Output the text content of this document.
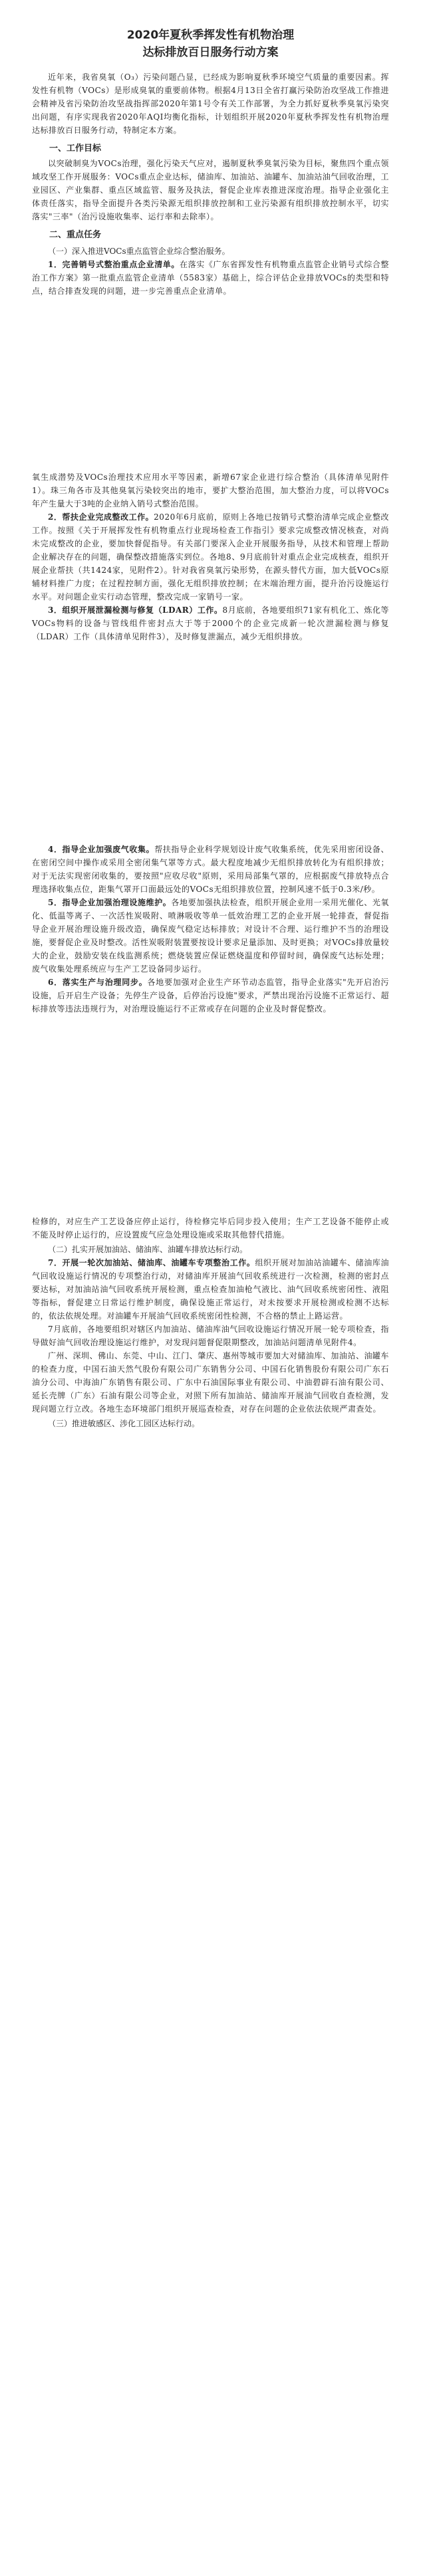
2020年夏秋季挥发性有机物治理
达标排放百日服务行动方案

近年来，我省臭氧（O₃）污染问题凸显，已经成为影响夏秋季环境空气质量的重要因素。挥发性有机物（VOCs）是形成臭氧的重要前体物。根据4月13日全省打赢污染防治攻坚战工作推进会精神及省污染防治攻坚战指挥部2020年第1号令有关工作部署，为全力抓好夏秋季臭氧污染突出问题，有序实现我省2020年AQI均衡化指标，计划组织开展2020年夏秋季挥发性有机物治理达标排放百日服务行动，特制定本方案。

一、工作目标

以突破制臭为VOCs治理，强化污染天气应对，遏制夏秋季臭氧污染为目标，聚焦四个重点领域攻坚工作开展服务：VOCs重点企业达标，储油库、加油站、油罐车、加油站油气回收治理，工业园区、产业集群、重点区域监管、服务及执法，督促企业库表推进深度治理。指导企业强化主体责任落实，指导全面提升各类污染源无组织排放控制和工业污染源有组织排放控制水平，切实落实"三率"（治污设施收集率、运行率和去除率）。

二、重点任务

（一）深入推进VOCs重点监管企业综合整治服务。

1．完善销号式整治重点企业清单。在落实《广东省挥发性有机物重点监管企业销号式综合整治工作方案》第一批重点监管企业清单（5583家）基础上，综合评估企业排放VOCs的类型和特点，结合排查发现的问题，进一步完善重点企业清单。

氧生成潜势及VOCs治理技术应用水平等因素，新增67家企业进行综合整治（具体清单见附件1）。珠三角各市及其他臭氧污染较突出的地市，要扩大整治范围，加大整治力度，可以将VOCs年产生量大于3吨的企业纳入销号式整治范围。

2．帮扶企业完成整改工作。2020年6月底前，原则上各地已按销号式整治清单完成企业整改工作。按照《关于开展挥发性有机物重点行业现场检查工作指引》要求完成整改情况核查，对尚未完成整改的企业，要加快督促指导。有关部门要深入企业开展服务指导，从技术和管理上帮助企业解决存在的问题，确保整改措施落实到位。各地8、9月底前针对重点企业完成核查，组织开展企业帮扶（共1424家，见附件2）。针对我省臭氧污染形势，在源头替代方面，加大低VOCs原辅材料推广力度；在过程控制方面，强化无组织排放控制；在末端治理方面，提升治污设施运行水平。对问题企业实行动态管理，整改完成一家销号一家。

3．组织开展泄漏检测与修复（LDAR）工作。8月底前，各地要组织71家有机化工、炼化等VOCs物料的设备与管线组件密封点大于等于2000个的企业完成新一轮次泄漏检测与修复（LDAR）工作（具体清单见附件3），及时修复泄漏点，减少无组织排放。

4．指导企业加强废气收集。帮扶指导企业科学规划设计废气收集系统，优先采用密闭设备、在密闭空间中操作或采用全密闭集气罩等方式。最大程度地减少无组织排放转化为有组织排放；对于无法实现密闭收集的，要按照"应收尽收"原则，采用局部集气罩的，应根据废气排放特点合理选择收集点位，距集气罩开口面最远处的VOCs无组织排放位置，控制风速不低于0.3米/秒。

5．指导企业加强治理设施维护。各地要加强执法检查，组织开展企业用一采用光催化、光氧化、低温等离子、一次活性炭吸附、喷淋吸收等单一低效治理工艺的企业开展一轮排查，督促指导企业开展治理设施升级改造，确保废气稳定达标排放；对设计不合理、运行维护不当的治理设施，要督促企业及时整改。活性炭吸附装置要按设计要求足量添加、及时更换；对VOCs排放量较大的企业，鼓励安装在线监测系统；燃烧装置应保证燃烧温度和停留时间，确保废气达标处理；废气收集处理系统应与生产工艺设备同步运行。

6．落实生产与治理同步。各地要加强对企业生产环节动态监管，指导企业落实"先开启治污设施，后开启生产设备；先停生产设备，后停治污设施"要求，严禁出现治污设施不正常运行、超标排放等违法违规行为，对治理设施运行不正常或存在问题的企业及时督促整改。

检修的，对应生产工艺设备应停止运行，待检修完毕后同步投入使用；生产工艺设备不能停止或不能及时停止运行的，应设置废气应急处理设施或采取其他替代措施。

（二）扎实开展加油站、储油库、油罐车排放达标行动。

7．开展一轮次加油站、储油库、油罐车专项整治工作。组织开展对加油站油罐车、储油库油气回收设施运行情况的专项整治行动，对储油库开展油气回收系统进行一次检测，检测的密封点要达标，对加油站油气回收系统开展检测，重点检查加油枪气液比、油气回收系统密闭性、液阻等指标，督促建立日常运行维护制度，确保设施正常运行，对未按要求开展检测或检测不达标的，依法依规处理。对油罐车开展油气回收系统密闭性检测，不合格的禁止上路运营。

7月底前，各地要组织对辖区内加油站、储油库油气回收设施运行情况开展一轮专项检查，指导做好油气回收治理设施运行维护，对发现问题督促限期整改，加油站问题清单见附件4。

广州、深圳、佛山、东莞、中山、江门、肇庆、惠州等城市要加大对储油库、加油站、油罐车的检查力度，中国石油天然气股份有限公司广东销售分公司、中国石化销售股份有限公司广东石油分公司、中海油广东销售有限公司、广东中石油国际事业有限公司、中油碧辟石油有限公司、延长壳牌（广东）石油有限公司等企业，对照下所有加油站、储油库开展油气回收自查检测，发现问题立行立改。各地生态环境部门组织开展巡查检查，对存在问题的企业依法依规严肃查处。

（三）推进敏感区、涉化工园区达标行动。
